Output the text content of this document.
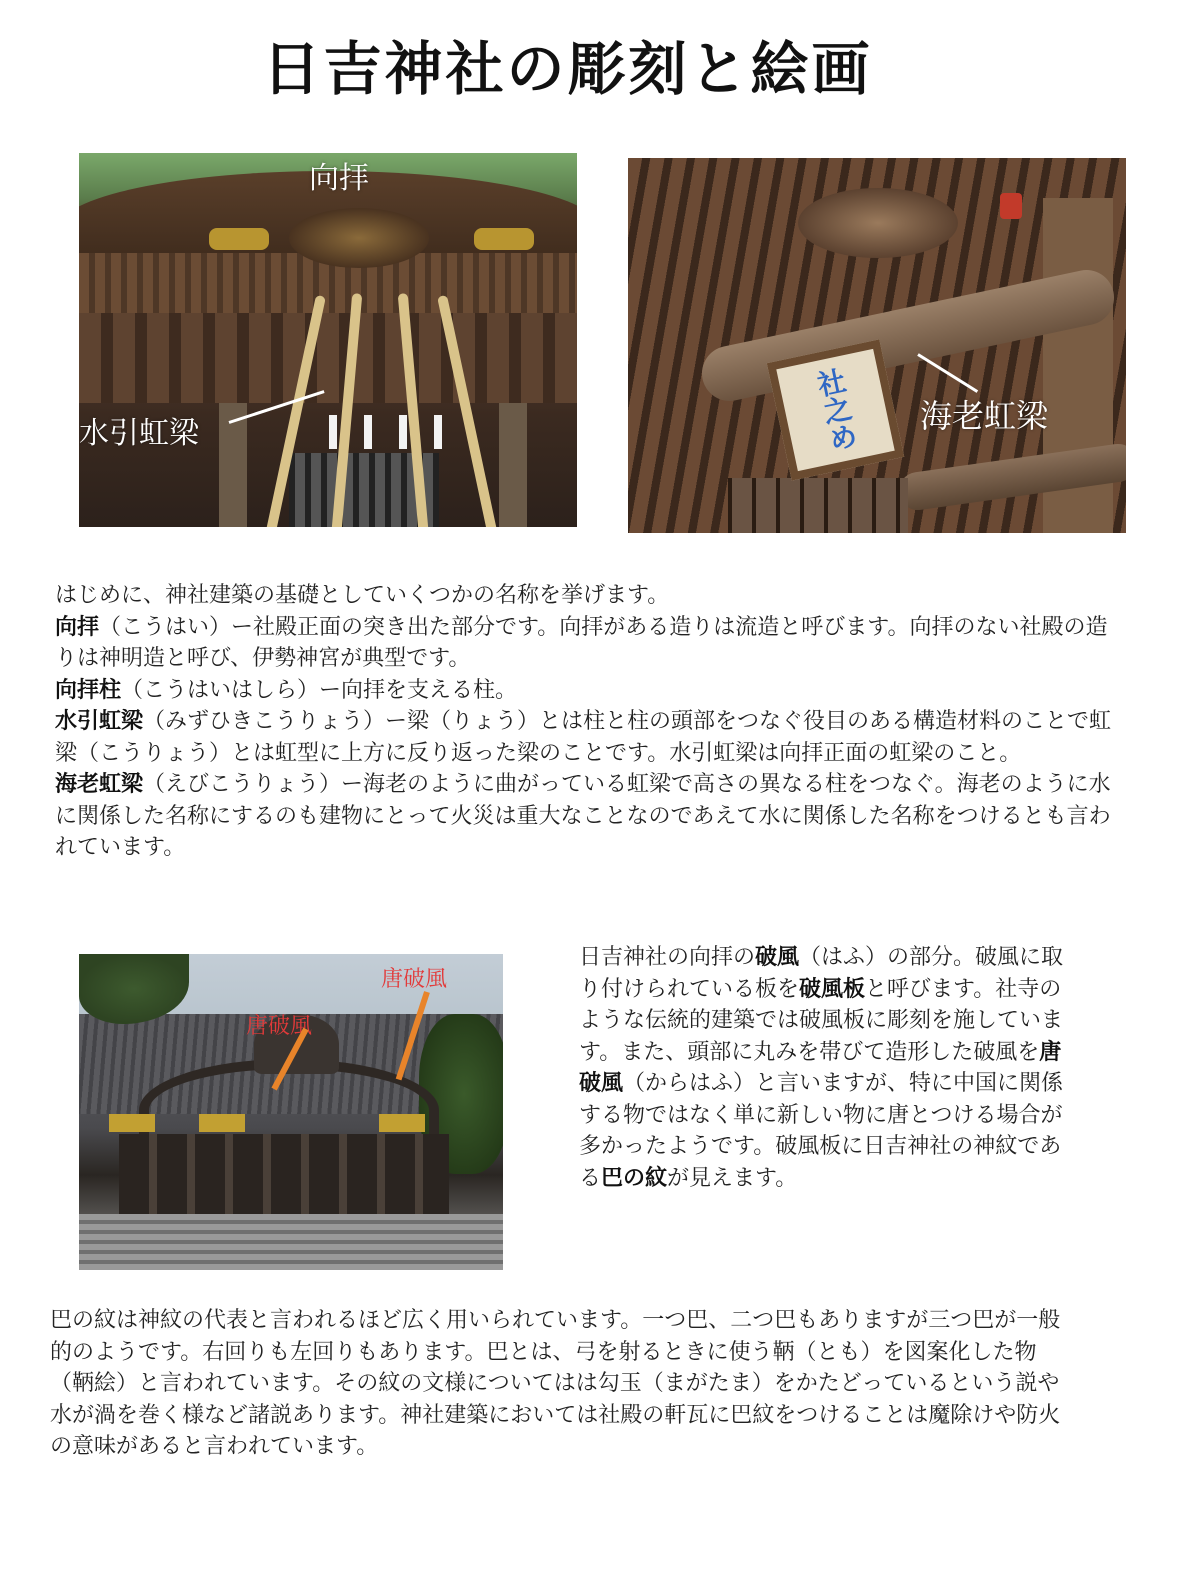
日吉神社の彫刻と絵画
向拝
水引虹梁	社之め 海老虹梁
唐破風
唐破風
はじめに、神社建築の基礎としていくつかの名称を挙げます。
向拝（こうはい）ー社殿正面の突き出た部分です。向拝がある造りは流造と呼びます。向拝のない社殿の造りは神明造と呼び、伊勢神宮が典型です。
向拝柱（こうはいはしら）ー向拝を支える柱。
水引虹梁（みずひきこうりょう）ー梁（りょう）とは柱と柱の頭部をつなぐ役目のある構造材料のことで虹梁（こうりょう）とは虹型に上方に反り返った梁のことです。水引虹梁は向拝正面の虹梁のこと。
海老虹梁（えびこうりょう）ー海老のように曲がっている虹梁で高さの異なる柱をつなぐ。海老のように水に関係した名称にするのも建物にとって火災は重大なことなのであえて水に関係した名称をつけるとも言われています。
日吉神社の向拝の破風（はふ）の部分。破風に取り付けられている板を破風板と呼びます。社寺のような伝統的建築では破風板に彫刻を施しています。また、頭部に丸みを帯びて造形した破風を唐破風（からはふ）と言いますが、特に中国に関係する物ではなく単に新しい物に唐とつける場合が多かったようです。破風板に日吉神社の神紋である巴の紋が見えます。
巴の紋は神紋の代表と言われるほど広く用いられています。一つ巴、二つ巴もありますが三つ巴が一般的のようです。右回りも左回りもあります。巴とは、弓を射るときに使う鞆（とも）を図案化した物（鞆絵）と言われています。その紋の文様についてはは勾玉（まがたま）をかたどっているという説や水が渦を巻く様など諸説あります。神社建築においては社殿の軒瓦に巴紋をつけることは魔除けや防火の意味があると言われています。
